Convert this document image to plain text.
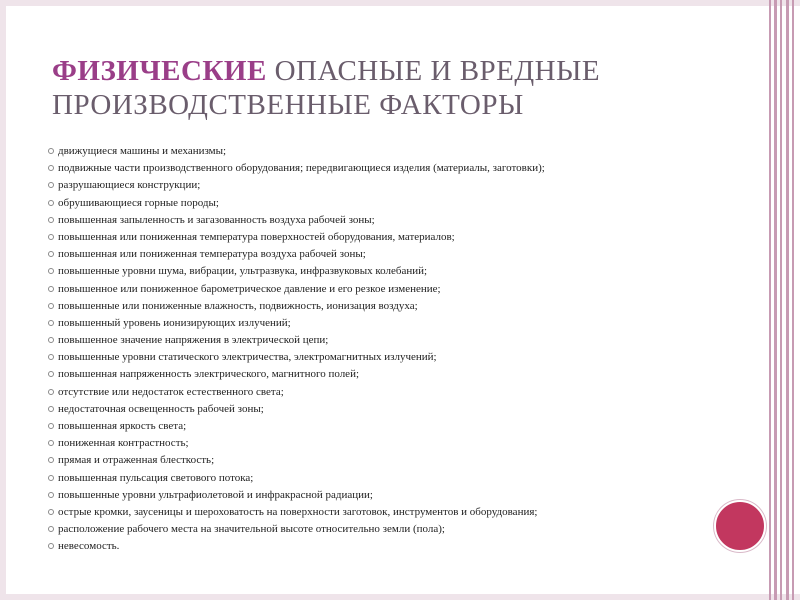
ФИЗИЧЕСКИЕ ОПАСНЫЕ И ВРЕДНЫЕ ПРОИЗВОДСТВЕННЫЕ ФАКТОРЫ
движущиеся машины и механизмы;
подвижные части производственного оборудования; передвигающиеся изделия (материалы, заготовки);
разрушающиеся конструкции;
обрушивающиеся горные породы;
повышенная запыленность и загазованность воздуха рабочей зоны;
повышенная или пониженная температура поверхностей оборудования, материалов;
повышенная или пониженная температура воздуха рабочей зоны;
повышенные уровни шума, вибрации, ультразвука, инфразвуковых колебаний;
повышенное или пониженное барометрическое давление и его резкое изменение;
повышенные или пониженные влажность, подвижность, ионизация воздуха;
повышенный уровень ионизирующих излучений;
повышенное значение напряжения в электрической цепи;
повышенные уровни статического электричества, электромагнитных излучений;
повышенная напряженность электрического, магнитного полей;
отсутствие или недостаток естественного света;
недостаточная освещенность рабочей зоны;
повышенная яркость света;
пониженная контрастность;
прямая и отраженная блесткость;
повышенная пульсация светового потока;
повышенные уровни ультрафиолетовой и инфракрасной радиации;
острые кромки, заусеницы и шероховатость на поверхности заготовок, инструментов и оборудования;
расположение рабочего места на значительной высоте относительно земли (пола);
невесомость.
